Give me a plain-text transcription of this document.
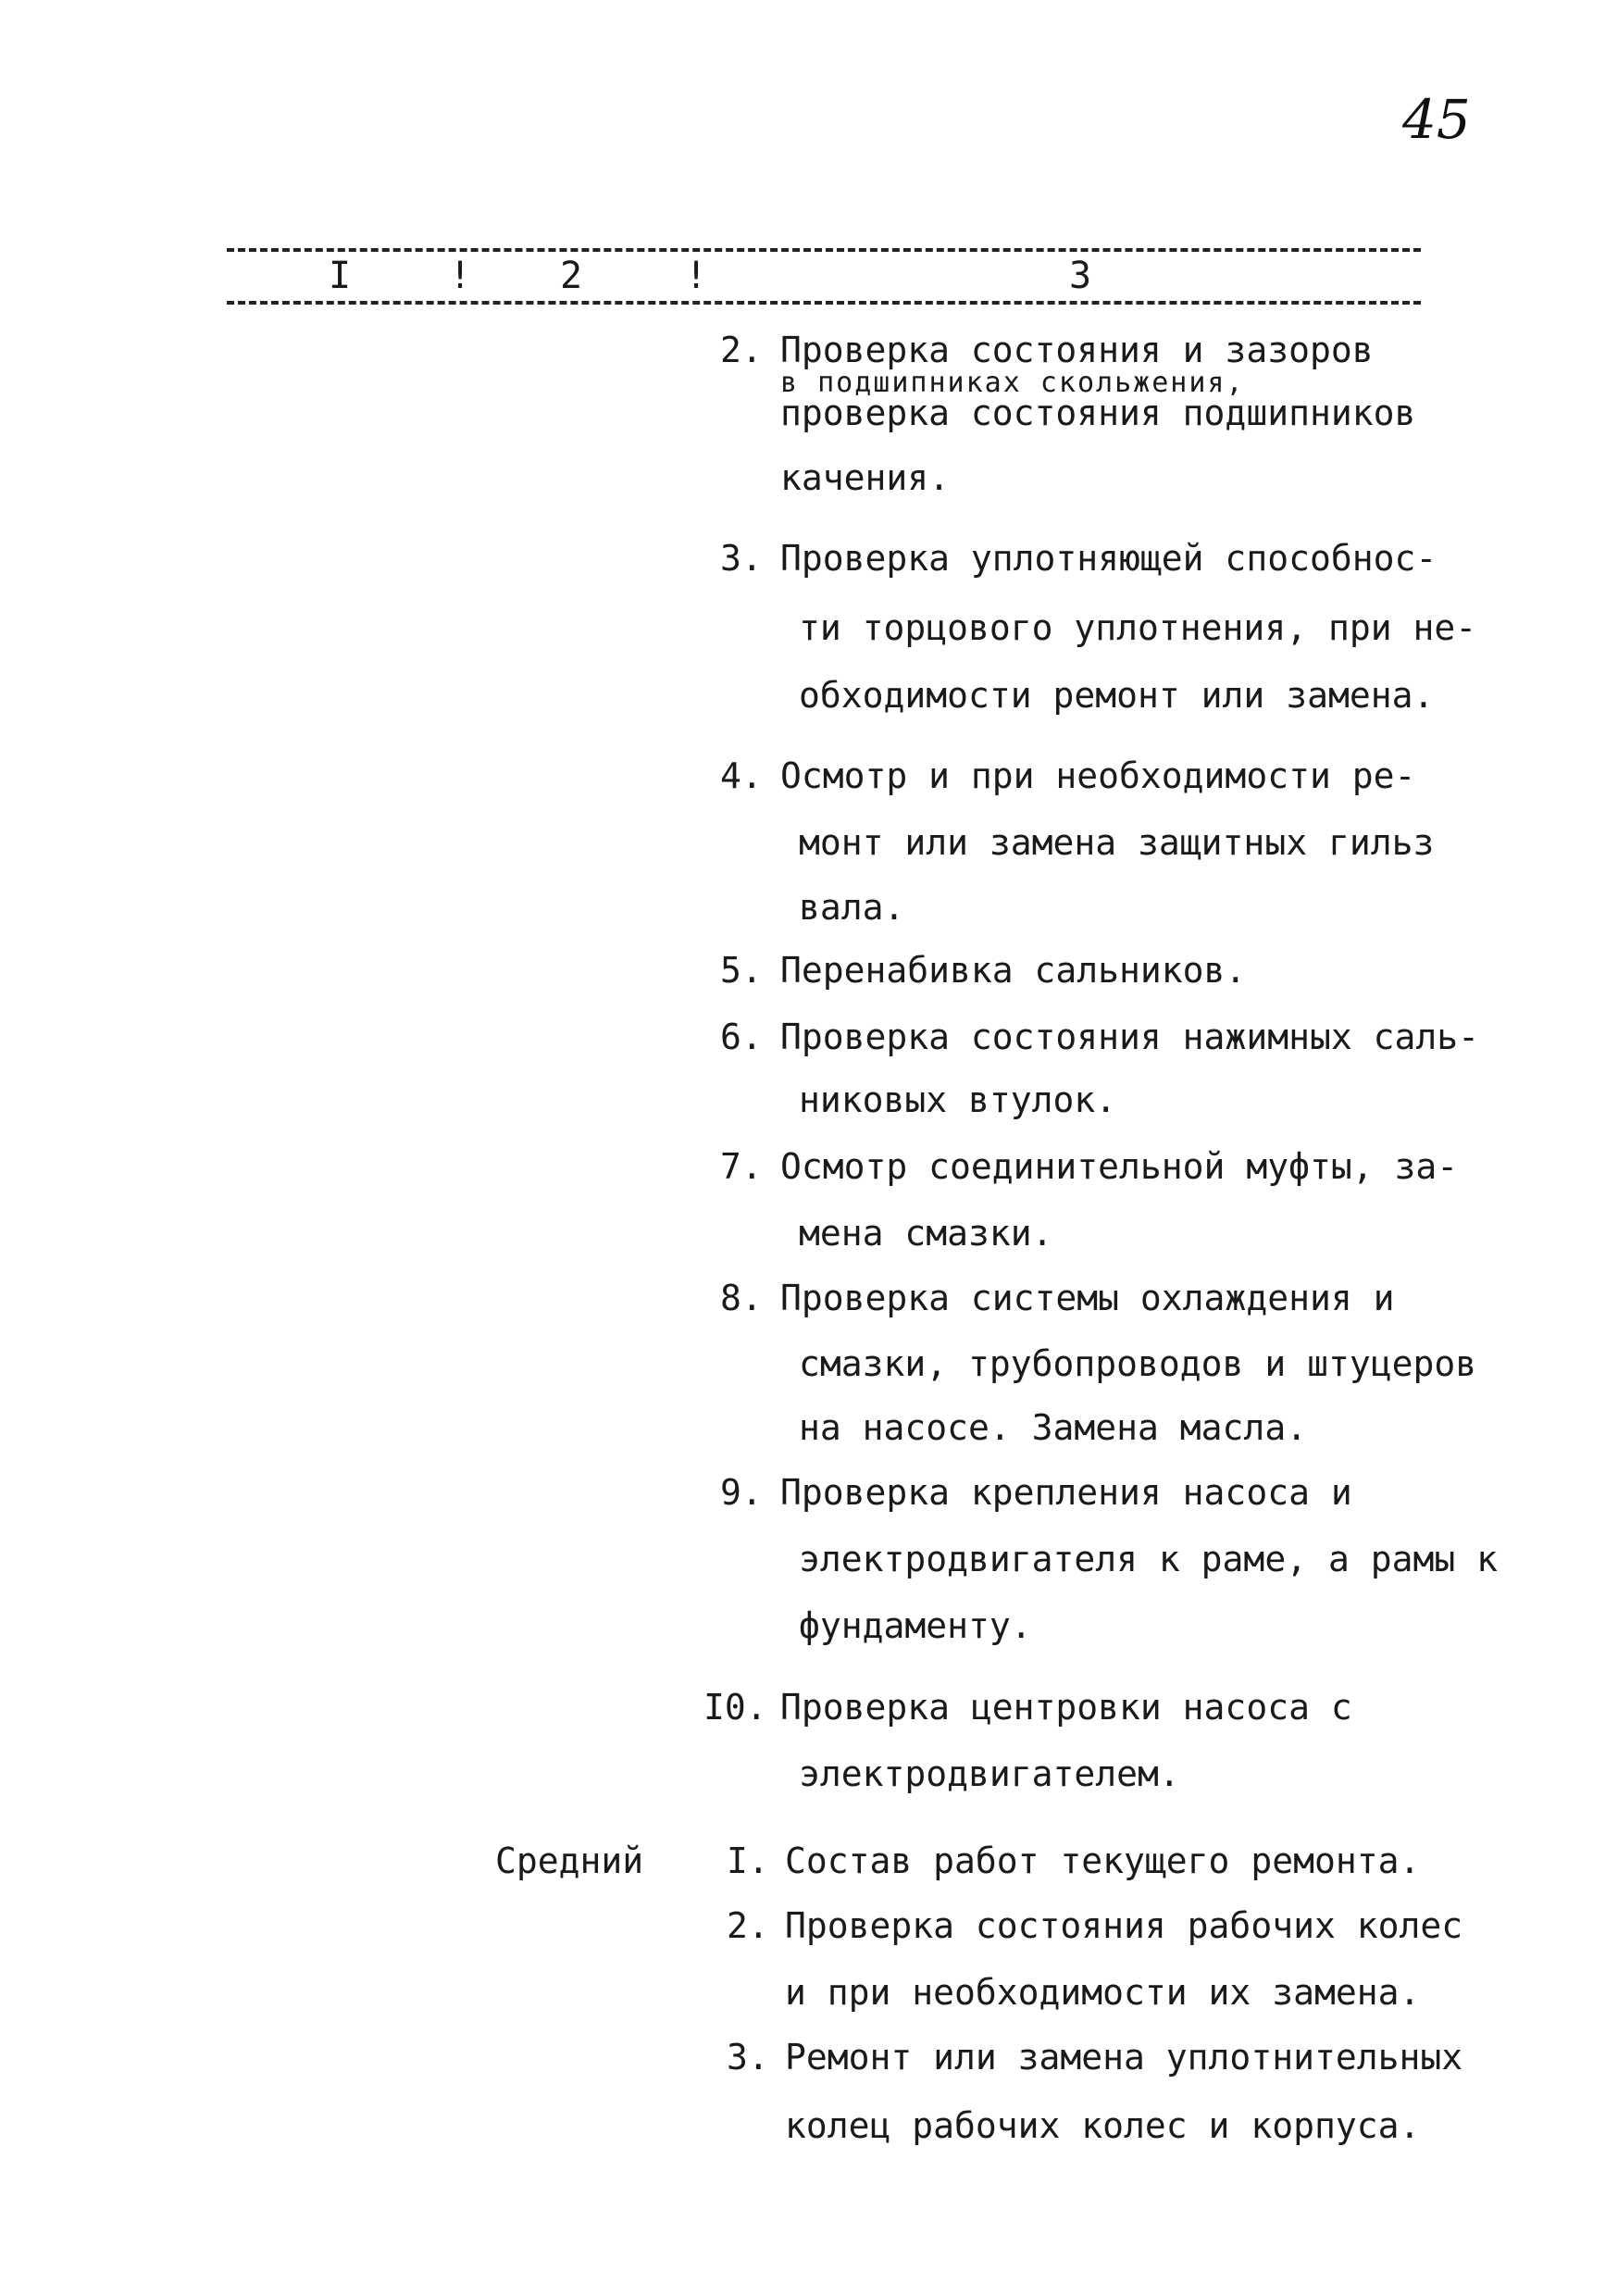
45
I	! 2	!	3
2. Проверка состояния и зазоров
в подшипниках скольжения,
проверка состояния подшипников
качения.
3. Проверка уплотняющей способнос-
ти торцового уплотнения, при не-
обходимости ремонт или замена.
4. Осмотр и при необходимости ре-
монт или замена защитных гильз
вала.
5. Перенабивка сальников.
6. Проверка состояния нажимных саль-
никовых втулок.
7. Осмотр соединительной муфты, за-
мена смазки.
8. Проверка системы охлаждения и
смазки, трубопроводов и штуцеров
на насосе. Замена масла.
9. Проверка крепления насоса и
электродвигателя к раме, а рамы к
фундаменту.
I0. Проверка центровки насоса с
электродвигателем.
Средний I. Состав работ текущего ремонта.
2. Проверка состояния рабочих колес
и при необходимости их замена.
3. Ремонт или замена уплотнительных
колец рабочих колес и корпуса.
